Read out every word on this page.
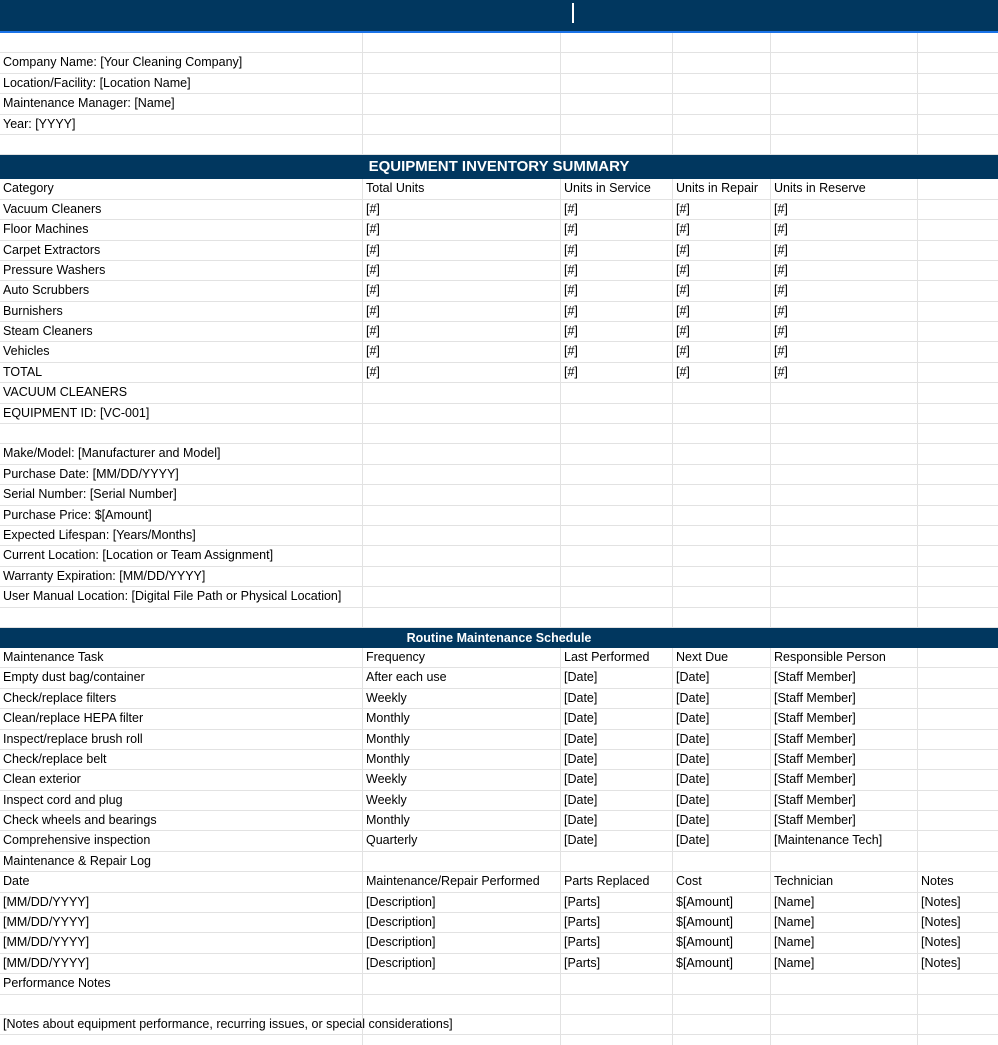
Company Name: [Your Cleaning Company]
Location/Facility: [Location Name]
Maintenance Manager: [Name]
Year: [YYYY]
EQUIPMENT INVENTORY SUMMARY
Category	Total Units	Units in Service	Units in Repair	Units in Reserve
Vacuum Cleaners	[#]	[#]	[#]	[#]
Floor Machines	[#]	[#]	[#]	[#]
Carpet Extractors	[#]	[#]	[#]	[#]
Pressure Washers	[#]	[#]	[#]	[#]
Auto Scrubbers	[#]	[#]	[#]	[#]
Burnishers	[#]	[#]	[#]	[#]
Steam Cleaners	[#]	[#]	[#]	[#]
Vehicles	[#]	[#]	[#]	[#]
TOTAL	[#]	[#]	[#]	[#]
VACUUM CLEANERS
EQUIPMENT ID: [VC-001]
Make/Model: [Manufacturer and Model]
Purchase Date: [MM/DD/YYYY]
Serial Number: [Serial Number]
Purchase Price: $[Amount]
Expected Lifespan: [Years/Months]
Current Location: [Location or Team Assignment]
Warranty Expiration: [MM/DD/YYYY]
User Manual Location: [Digital File Path or Physical Location]
Routine Maintenance Schedule
Maintenance Task	Frequency	Last Performed	Next Due	Responsible Person
Empty dust bag/container	After each use	[Date]	[Date]	[Staff Member]
Check/replace filters	Weekly	[Date]	[Date]	[Staff Member]
Clean/replace HEPA filter	Monthly	[Date]	[Date]	[Staff Member]
Inspect/replace brush roll	Monthly	[Date]	[Date]	[Staff Member]
Check/replace belt	Monthly	[Date]	[Date]	[Staff Member]
Clean exterior	Weekly	[Date]	[Date]	[Staff Member]
Inspect cord and plug	Weekly	[Date]	[Date]	[Staff Member]
Check wheels and bearings	Monthly	[Date]	[Date]	[Staff Member]
Comprehensive inspection	Quarterly	[Date]	[Date]	[Maintenance Tech]
Maintenance & Repair Log
Date	Maintenance/Repair Performed	Parts Replaced	Cost	Technician	Notes
[MM/DD/YYYY]	[Description]	[Parts]	$[Amount]	[Name]	[Notes]
[MM/DD/YYYY]	[Description]	[Parts]	$[Amount]	[Name]	[Notes]
[MM/DD/YYYY]	[Description]	[Parts]	$[Amount]	[Name]	[Notes]
[MM/DD/YYYY]	[Description]	[Parts]	$[Amount]	[Name]	[Notes]
Performance Notes
[Notes about equipment performance, recurring issues, or special considerations]
